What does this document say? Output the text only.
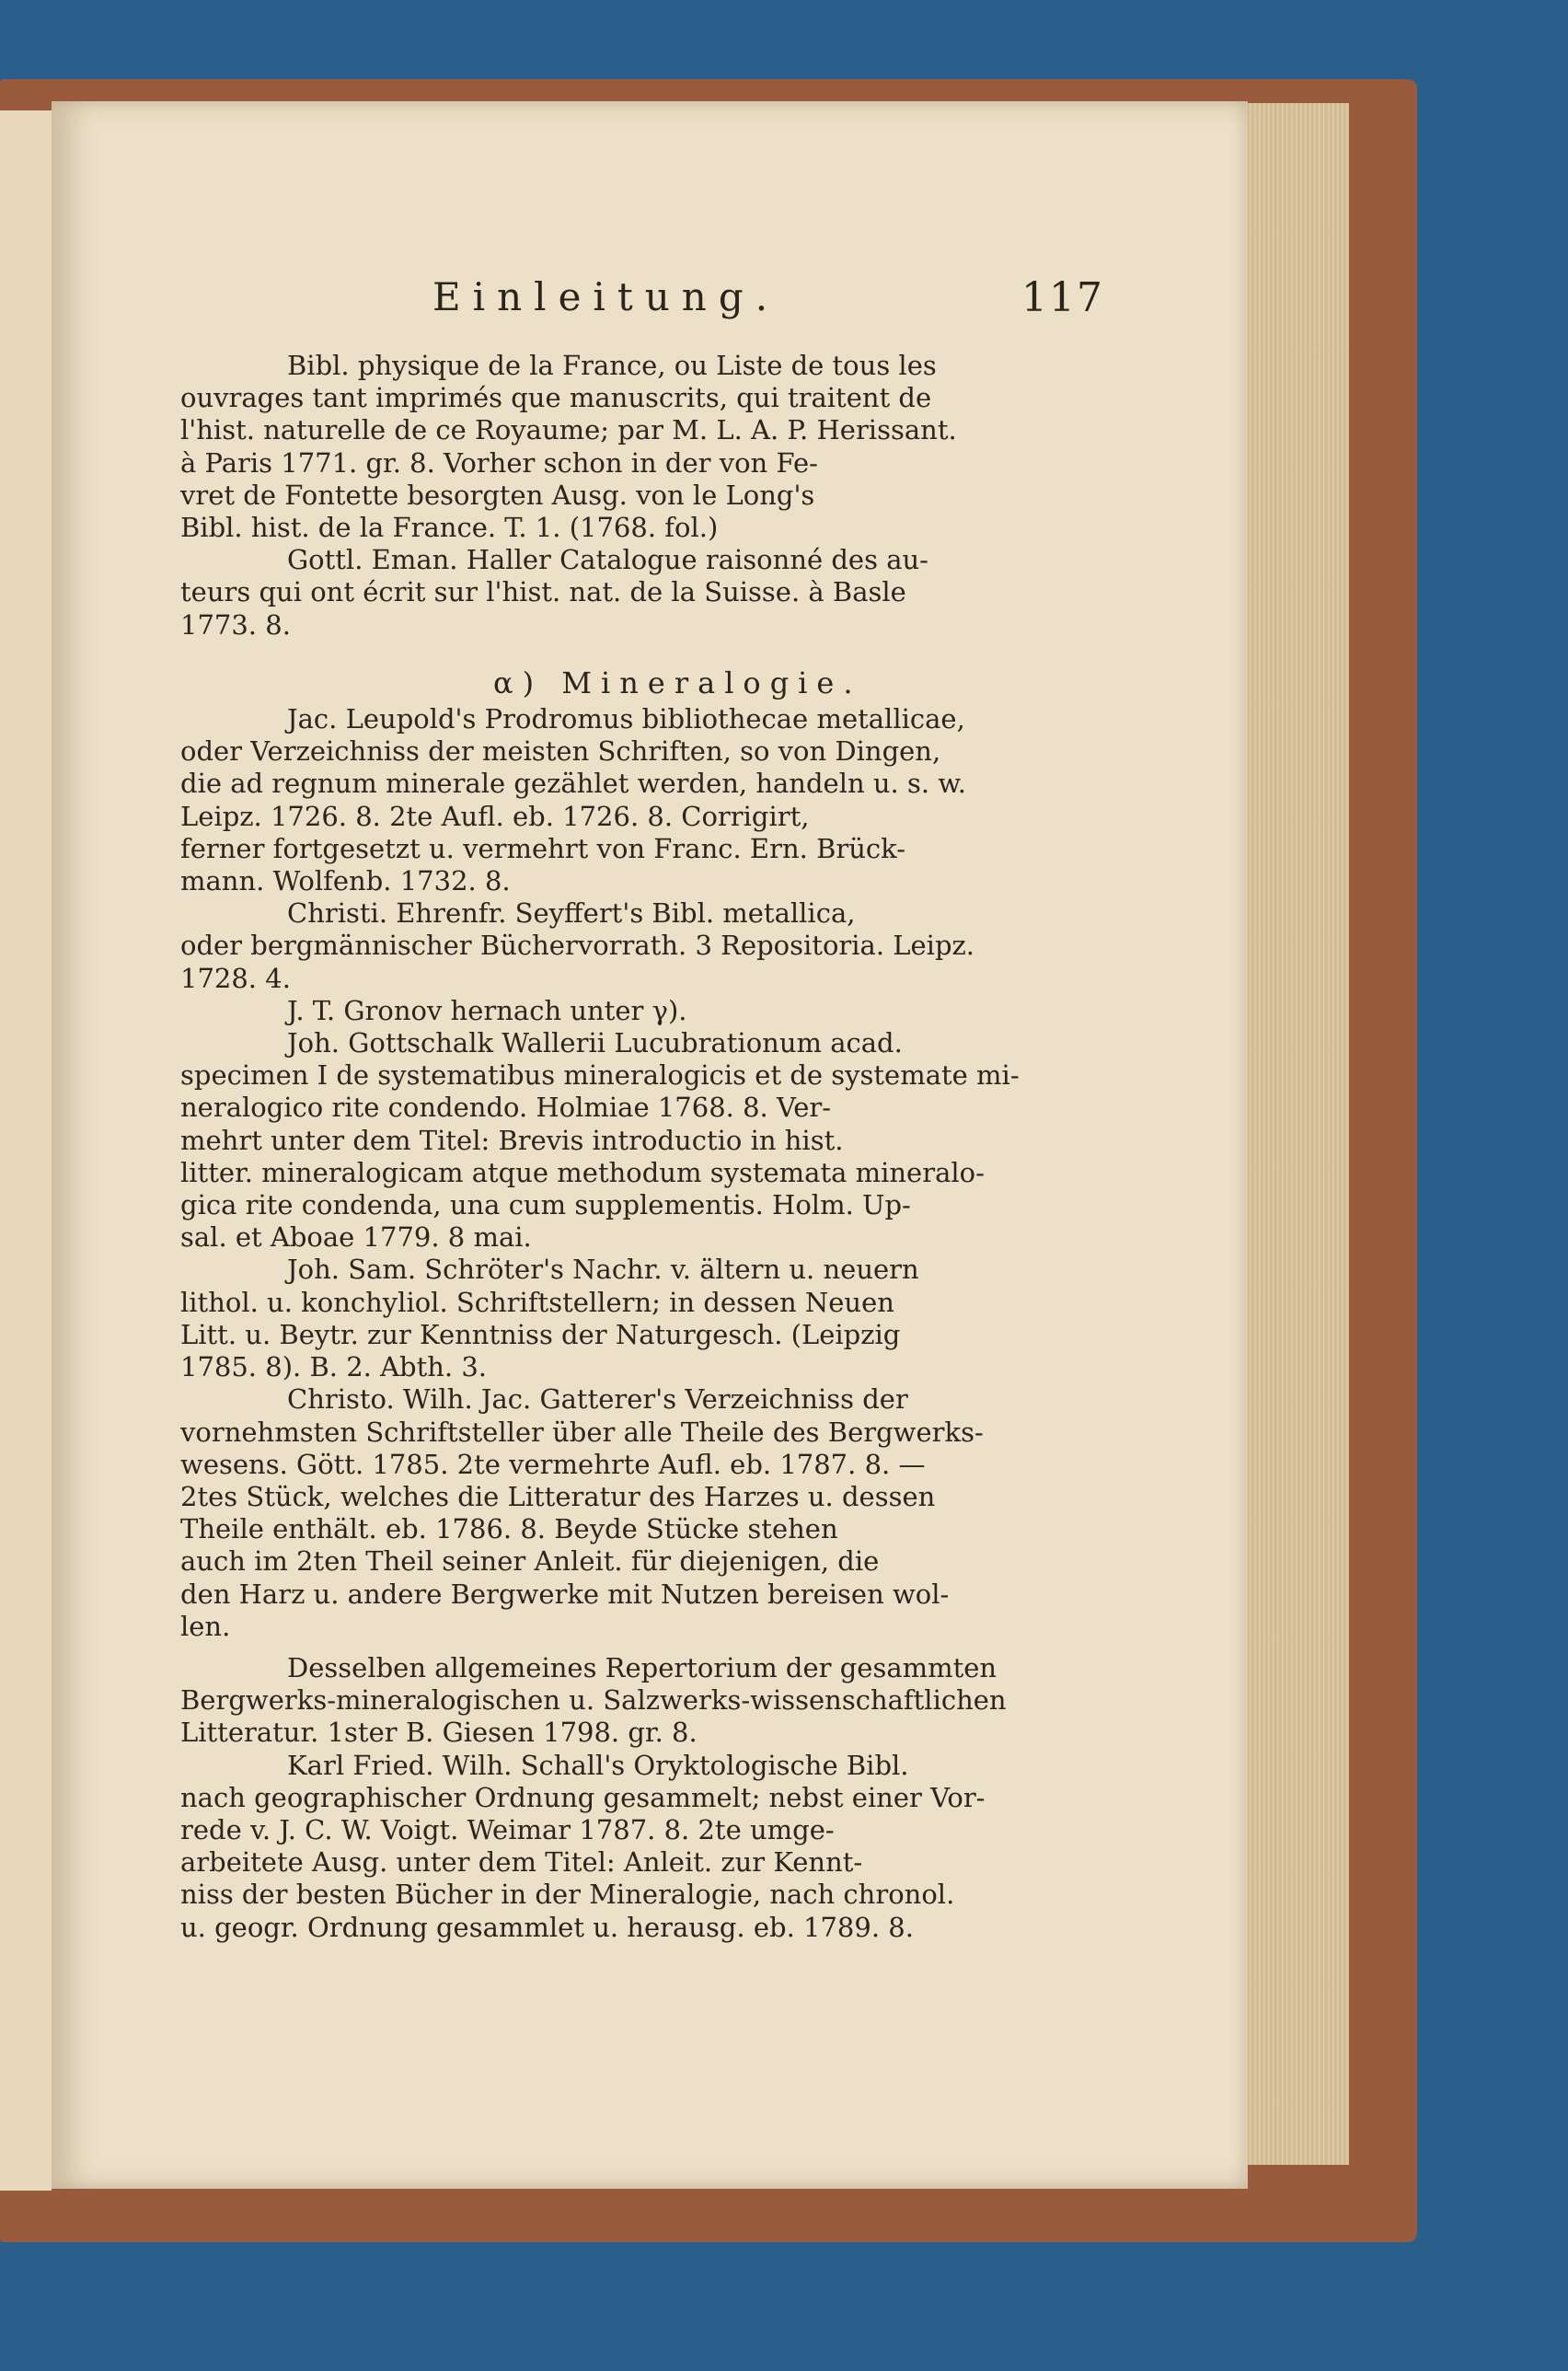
Einleitung.	117

Bibl. physique de la France, ou Liste de tous les

ouvrages tant imprimés que manuscrits, qui traitent de

l'hist. naturelle de ce Royaume; par M. L. A. P. Herissant.

à Paris 1771. gr. 8. Vorher schon in der von Fe-

vret de Fontette besorgten Ausg. von le Long's

Bibl. hist. de la France. T. 1. (1768. fol.)

Gottl. Eman. Haller Catalogue raisonné des au-

teurs qui ont écrit sur l'hist. nat. de la Suisse. à Basle

1773. 8.

α) Mineralogie.

Jac. Leupold's Prodromus bibliothecae metallicae,

oder Verzeichniss der meisten Schriften, so von Dingen,

die ad regnum minerale gezählet werden, handeln u. s. w.

Leipz. 1726. 8. 2te Aufl. eb. 1726. 8. Corrigirt,

ferner fortgesetzt u. vermehrt von Franc. Ern. Brück-

mann. Wolfenb. 1732. 8.

Christi. Ehrenfr. Seyffert's Bibl. metallica,

oder bergmännischer Büchervorrath. 3 Repositoria. Leipz.

1728. 4.

J. T. Gronov hernach unter γ).

Joh. Gottschalk Wallerii Lucubrationum acad.

specimen I de systematibus mineralogicis et de systemate mi-

neralogico rite condendo. Holmiae 1768. 8. Ver-

mehrt unter dem Titel: Brevis introductio in hist.

litter. mineralogicam atque methodum systemata mineralo-

gica rite condenda, una cum supplementis. Holm. Up-

sal. et Aboae 1779. 8 mai.

Joh. Sam. Schröter's Nachr. v. ältern u. neuern

lithol. u. konchyliol. Schriftstellern; in dessen Neuen

Litt. u. Beytr. zur Kenntniss der Naturgesch. (Leipzig

1785. 8). B. 2. Abth. 3.

Christo. Wilh. Jac. Gatterer's Verzeichniss der

vornehmsten Schriftsteller über alle Theile des Bergwerks-

wesens. Gött. 1785. 2te vermehrte Aufl. eb. 1787. 8. —

2tes Stück, welches die Litteratur des Harzes u. dessen

Theile enthält. eb. 1786. 8. Beyde Stücke stehen

auch im 2ten Theil seiner Anleit. für diejenigen, die

den Harz u. andere Bergwerke mit Nutzen bereisen wol-

len.

Desselben allgemeines Repertorium der gesammten

Bergwerks-mineralogischen u. Salzwerks-wissenschaftlichen

Litteratur. 1ster B. Giesen 1798. gr. 8.

Karl Fried. Wilh. Schall's Oryktologische Bibl.

nach geographischer Ordnung gesammelt; nebst einer Vor-

rede v. J. C. W. Voigt. Weimar 1787. 8. 2te umge-

arbeitete Ausg. unter dem Titel: Anleit. zur Kennt-

niss der besten Bücher in der Mineralogie, nach chronol.

u. geogr. Ordnung gesammlet u. herausg. eb. 1789. 8.
